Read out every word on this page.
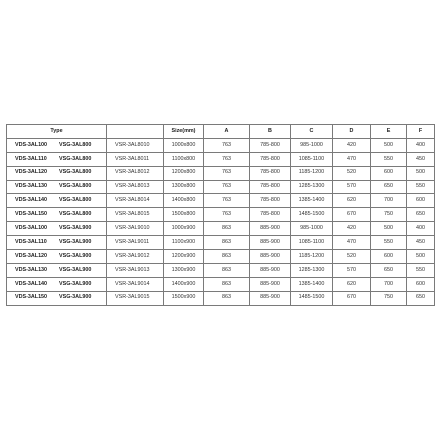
Type		Size(mm)	A	B	C	D	E	F
VDS-3AL100 VSG-3AL800	VSR-3AL8010	1000x800	763	785-800	985-1000	420	500	400
VDS-3AL110 VSG-3AL800	VSR-3AL8011	1100x800	763	785-800	1085-1100	470	550	450
VDS-3AL120 VSG-3AL800	VSR-3AL8012	1200x800	763	785-800	1185-1200	520	600	500
VDS-3AL130 VSG-3AL800	VSR-3AL8013	1300x800	763	785-800	1285-1300	570	650	550
VDS-3AL140 VSG-3AL800	VSR-3AL8014	1400x800	763	785-800	1385-1400	620	700	600
VDS-3AL150 VSG-3AL800	VSR-3AL8015	1500x800	763	785-800	1485-1500	670	750	650
VDS-3AL100 VSG-3AL900	VSR-3AL9010	1000x900	863	885-900	985-1000	420	500	400
VDS-3AL110 VSG-3AL900	VSR-3AL9011	1100x900	863	885-900	1085-1100	470	550	450
VDS-3AL120 VSG-3AL900	VSR-3AL9012	1200x900	863	885-900	1185-1200	520	600	500
VDS-3AL130 VSG-3AL900	VSR-3AL9013	1300x900	863	885-900	1285-1300	570	650	550
VDS-3AL140 VSG-3AL900	VSR-3AL9014	1400x900	863	885-900	1385-1400	620	700	600
VDS-3AL150 VSG-3AL900	VSR-3AL9015	1500x900	863	885-900	1485-1500	670	750	650
